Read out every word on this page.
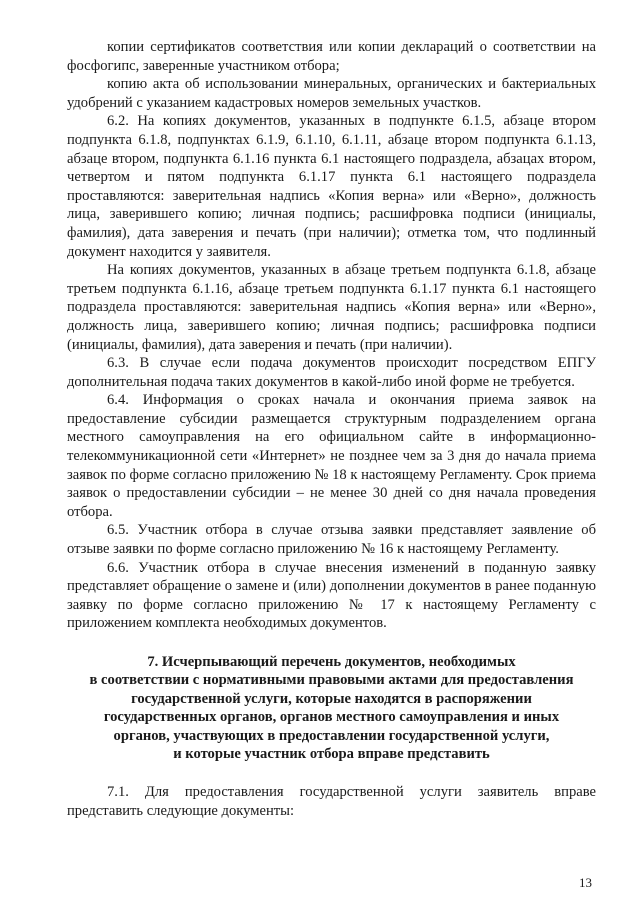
копии сертификатов соответствия или копии деклараций о соответствии на фосфогипс, заверенные участником отбора;

копию акта об использовании минеральных, органических и бактериальных удобрений с указанием кадастровых номеров земельных участков.

6.2. На копиях документов, указанных в подпункте 6.1.5, абзаце втором подпункта 6.1.8, подпунктах 6.1.9, 6.1.10, 6.1.11, абзаце втором подпункта 6.1.13, абзаце втором, подпункта 6.1.16 пункта 6.1 настоящего подраздела, абзацах втором, четвертом и пятом подпункта 6.1.17 пункта 6.1 настоящего подраздела проставляются: заверительная надпись «Копия верна» или «Верно», должность лица, заверившего копию; личная подпись; расшифровка подписи (инициалы, фамилия), дата заверения и печать (при наличии); отметка том, что подлинный документ находится у заявителя.

На копиях документов, указанных в абзаце третьем подпункта 6.1.8, абзаце третьем подпункта 6.1.16, абзаце третьем подпункта 6.1.17 пункта 6.1 настоящего подраздела проставляются: заверительная надпись «Копия верна» или «Верно», должность лица, заверившего копию; личная подпись; расшифровка подписи (инициалы, фамилия), дата заверения и печать (при наличии).

6.3. В случае если подача документов происходит посредством ЕПГУ дополнительная подача таких документов в какой-либо иной форме не требуется.

6.4. Информация о сроках начала и окончания приема заявок на предоставление субсидии размещается структурным подразделением органа местного самоуправления на его официальном сайте в информационно-телекоммуникационной сети «Интернет» не позднее чем за 3 дня до начала приема заявок по форме согласно приложению № 18 к настоящему Регламенту. Срок приема заявок о предоставлении субсидии – не менее 30 дней со дня начала проведения отбора.

6.5. Участник отбора в случае отзыва заявки представляет заявление об отзыве заявки по форме согласно приложению № 16 к настоящему Регламенту.

6.6. Участник отбора в случае внесения изменений в поданную заявку представляет обращение о замене и (или) дополнении документов в ранее поданную заявку по форме согласно приложению № 17 к настоящему Регламенту с приложением комплекта необходимых документов.

7. Исчерпывающий перечень документов, необходимых

в соответствии с нормативными правовыми актами для предоставления

государственной услуги, которые находятся в распоряжении

государственных органов, органов местного самоуправления и иных

органов, участвующих в предоставлении государственной услуги,

и которые участник отбора вправе представить

7.1. Для предоставления государственной услуги заявитель вправе представить следующие документы:

13
